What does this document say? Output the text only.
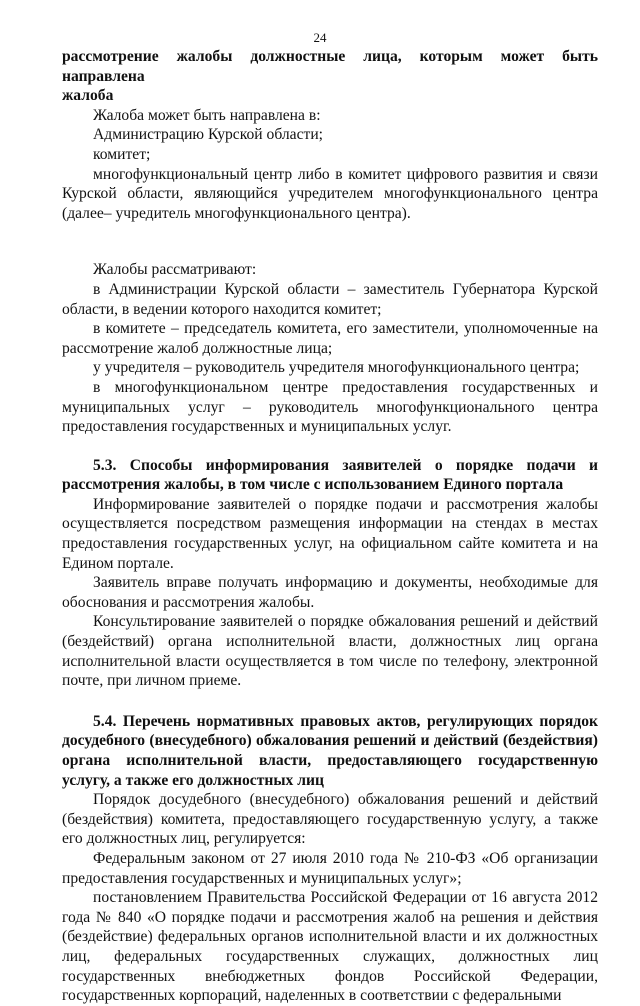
24

рассмотрение жалобы должностные лица, которым может быть направлена

жалоба

Жалоба может быть направлена в:

Администрацию Курской области;

комитет;

многофункциональный центр либо в комитет цифрового развития и связи Курской области, являющийся учредителем многофункционального центра (далее– учредитель многофункционального центра).

Жалобы рассматривают:

в Администрации Курской области – заместитель Губернатора Курской области, в ведении которого находится комитет;

в комитете – председатель комитета, его заместители, уполномоченные на рассмотрение жалоб должностные лица;

у учредителя – руководитель учредителя многофункционального центра;

в многофункциональном центре предоставления государственных и муниципальных услуг – руководитель многофункционального центра предоставления государственных и муниципальных услуг.

5.3. Способы информирования заявителей о порядке подачи и рассмотрения жалобы, в том числе с использованием Единого портала

Информирование заявителей о порядке подачи и рассмотрения жалобы осуществляется посредством размещения информации на стендах в местах предоставления государственных услуг, на официальном сайте комитета и на Едином портале.

Заявитель вправе получать информацию и документы, необходимые для обоснования и рассмотрения жалобы.

Консультирование заявителей о порядке обжалования решений и действий (бездействий) органа исполнительной власти, должностных лиц органа исполнительной власти осуществляется в том числе по телефону, электронной почте, при личном приеме.

5.4. Перечень нормативных правовых актов, регулирующих порядок досудебного (внесудебного) обжалования решений и действий (бездействия) органа исполнительной власти, предоставляющего государственную услугу, а также его должностных лиц

Порядок досудебного (внесудебного) обжалования решений и действий (бездействия) комитета, предоставляющего государственную услугу, а также его должностных лиц, регулируется:

Федеральным законом от 27 июля 2010 года № 210-ФЗ «Об организации предоставления государственных и муниципальных услуг»;

постановлением Правительства Российской Федерации от 16 августа 2012 года № 840 «О порядке подачи и рассмотрения жалоб на решения и действия (бездействие) федеральных органов исполнительной власти и их должностных лиц, федеральных государственных служащих, должностных лиц государственных внебюджетных фондов Российской Федерации, государственных корпораций, наделенных в соответствии с федеральными
